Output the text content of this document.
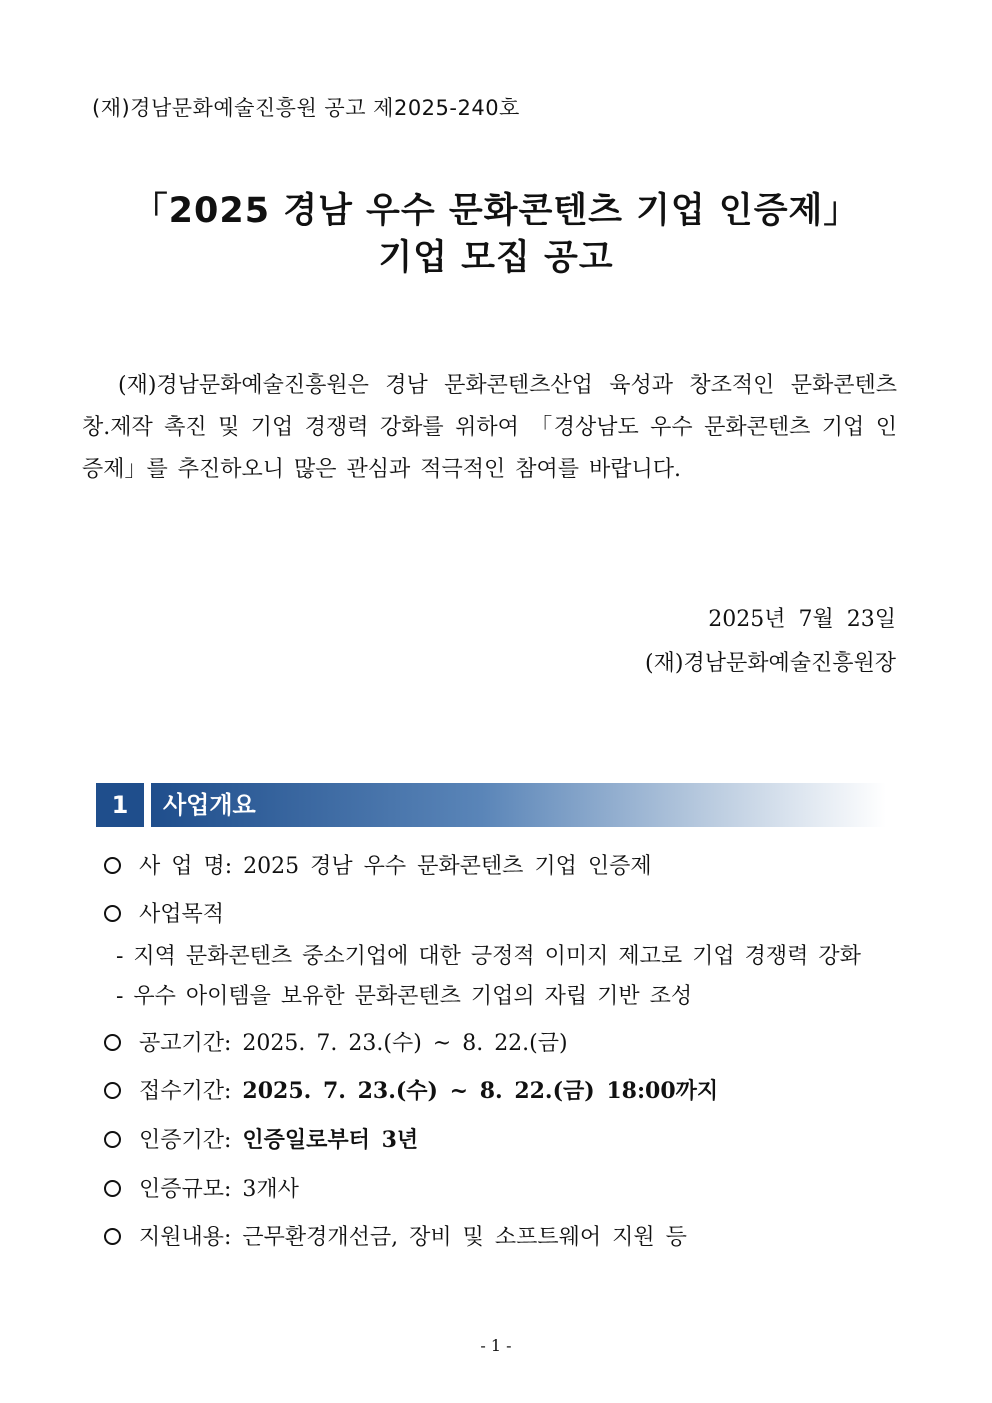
(재)경남문화예술진흥원 공고 제2025-240호
「2025 경남 우수 문화콘텐츠 기업 인증제」
기업 모집 공고
(재)경남문화예술진흥원은 경남 문화콘텐츠산업 육성과 창조적인 문화콘텐츠 창.제작 촉진 및 기업 경쟁력 강화를 위하여 「경상남도 우수 문화콘텐츠 기업 인증제」를 추진하오니 많은 관심과 적극적인 참여를 바랍니다.
2025년 7월 23일
(재)경남문화예술진흥원장
1	사업개요
사 업 명: 2025 경남 우수 문화콘텐츠 기업 인증제
사업목적
- 지역 문화콘텐츠 중소기업에 대한 긍정적 이미지 제고로 기업 경쟁력 강화
- 우수 아이템을 보유한 문화콘텐츠 기업의 자립 기반 조성
공고기간: 2025. 7. 23.(수) ~ 8. 22.(금)
접수기간: 2025. 7. 23.(수) ~ 8. 22.(금) 18:00까지
인증기간: 인증일로부터 3년
인증규모: 3개사
지원내용: 근무환경개선금, 장비 및 소프트웨어 지원 등
- 1 -
